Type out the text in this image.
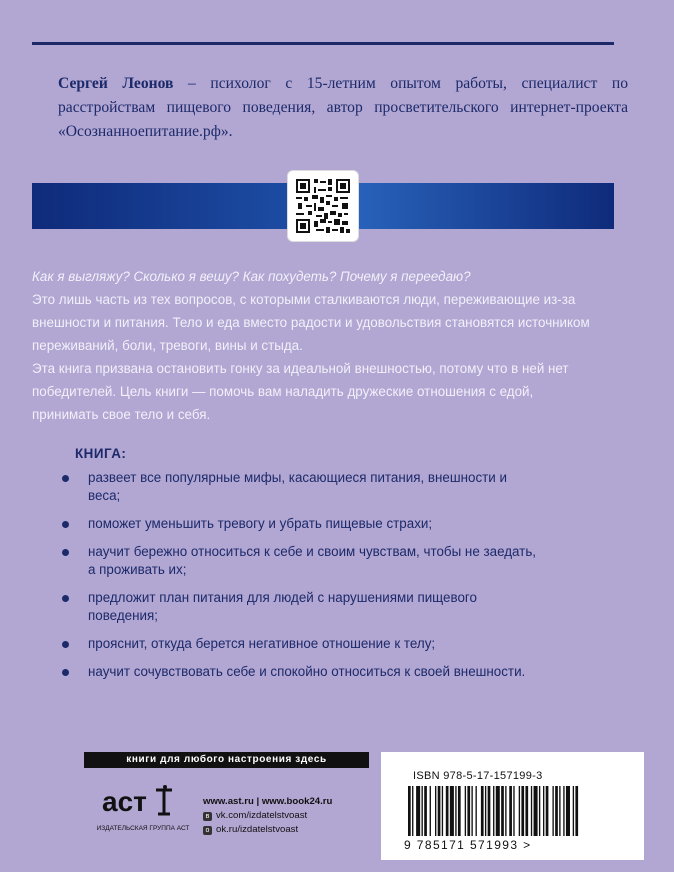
Сергей Леонов – психолог с 15-летним опытом работы, специалист по расстройствам пищевого поведения, автор просветительского интернет-проекта «Осознанноепитание.рф».

Как я выгляжу? Сколько я вешу? Как похудеть? Почему я переедаю?

Это лишь часть из тех вопросов, с которыми сталкиваются люди, переживающие из-за внешности и питания. Тело и еда вместо радости и удовольствия становятся источником переживаний, боли, тревоги, вины и стыда.

Эта книга призвана остановить гонку за идеальной внешностью, потому что в ней нет победителей. Цель книги — помочь вам наладить дружеские отношения с едой, принимать свое тело и себя.

КНИГА:
развеет все популярные мифы, касающиеся питания, внешности и веса;
поможет уменьшить тревогу и убрать пищевые страхи;
научит бережно относиться к себе и своим чувствам, чтобы не заедать, а проживать их;
предложит план питания для людей с нарушениями пищевого поведения;
прояснит, откуда берется негативное отношение к телу;
научит сочувствовать себе и спокойно относиться к своей внешности.
книги для любого настроения здесь
аст
ИЗДАТЕЛЬСКАЯ ГРУППА АСТ
www.ast.ru | www.book24.ru
в vk.com/izdatelstvoast
o ok.ru/izdatelstvoast
ISBN 978-5-17-157199-3
9 785171 571993 >
